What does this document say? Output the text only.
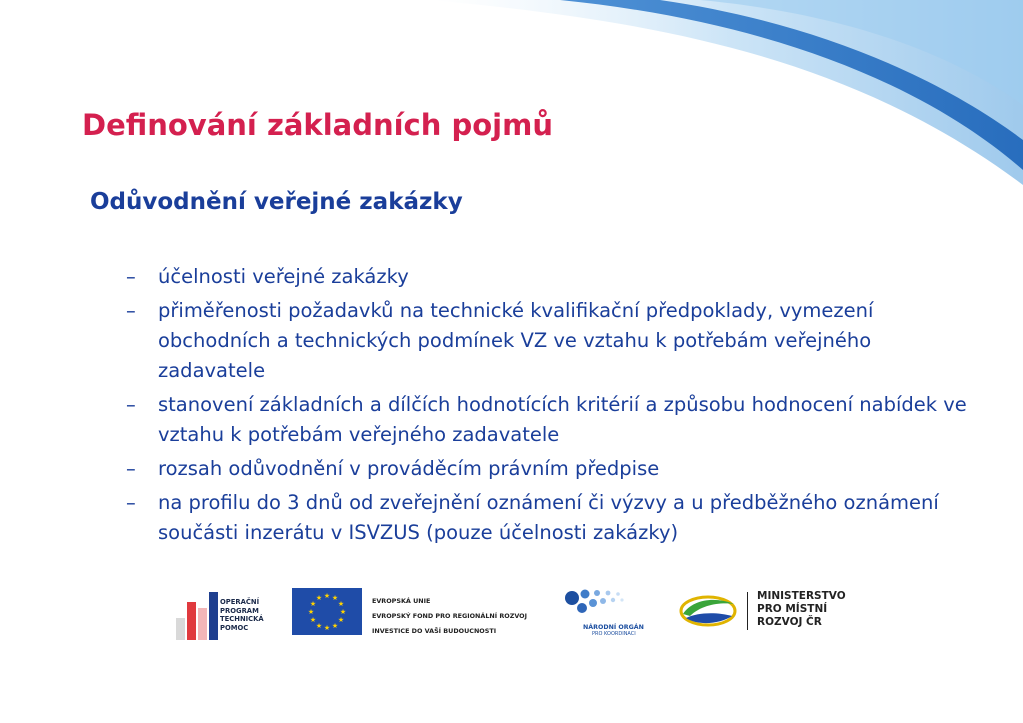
Definování základních pojmů
Odůvodnění veřejné zakázky
– účelnosti veřejné zakázky
– přiměřenosti požadavků na technické kvalifikační předpoklady, vymezení obchodních a technických podmínek VZ ve vztahu k potřebám veřejného zadavatele
– stanovení základních a dílčích hodnotících kritérií a způsobu hodnocení nabídek ve vztahu k potřebám veřejného zadavatele
– rozsah odůvodnění v prováděcím právním předpise
– na profilu do 3 dnů od zveřejnění oznámení či výzvy a u předběžného oznámení součásti inzerátu v ISVZUS (pouze účelnosti zakázky)
OPERAČNÍ
PROGRAM
TECHNICKÁ
POMOC
★ ★
★
★
★
★
★
★
★
★
★
★	EVROPSKÁ UNIE
EVROPSKÝ FOND PRO REGIONÁLNÍ ROZVOJ
INVESTICE DO VAŠÍ BUDOUCNOSTI	NÁRODNÍ ORGÁN
PRO KOORDINACI
MINISTERSTVO
PRO MÍSTNÍ
ROZVOJ ČR
